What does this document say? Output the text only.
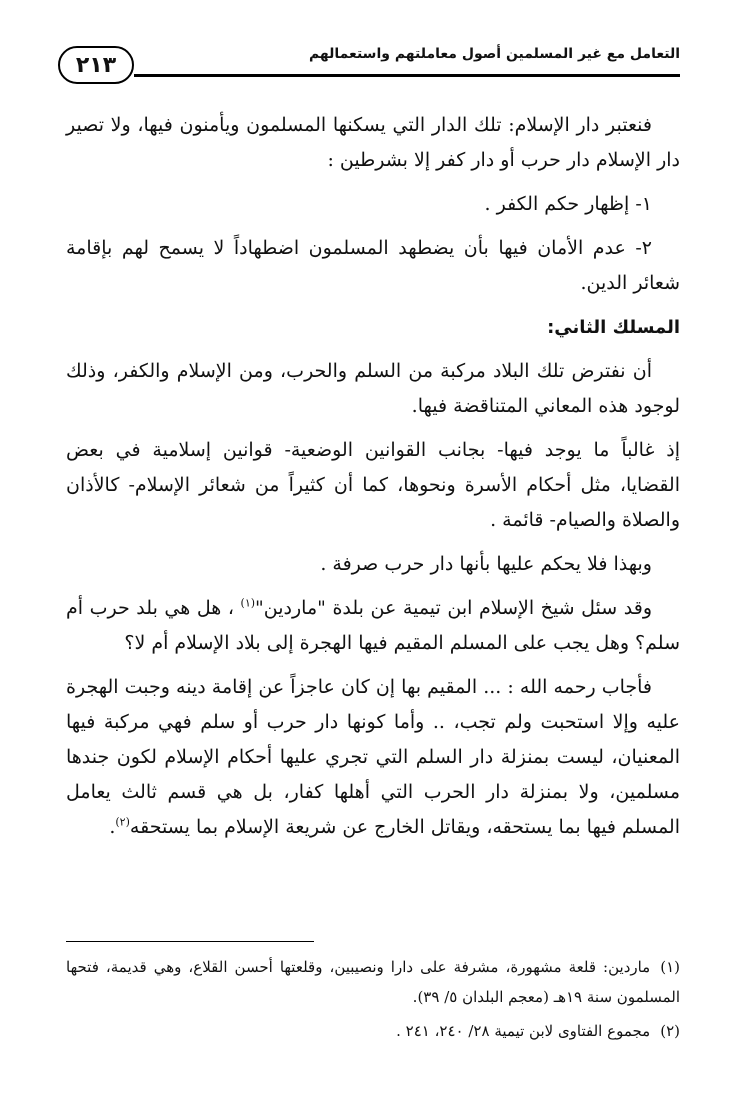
التعامل مع غير المسلمين أصول معاملتهم واستعمالهم
٢١٣

فنعتبر دار الإسلام: تلك الدار التي يسكنها المسلمون ويأمنون فيها، ولا تصير دار الإسلام دار حرب أو دار كفر إلا بشرطين :

١- إظهار حكم الكفر .

٢- عدم الأمان فيها بأن يضطهد المسلمون اضطهاداً لا يسمح لهم بإقامة شعائر الدين.

المسلك الثاني:

أن نفترض تلك البلاد مركبة من السلم والحرب، ومن الإسلام والكفر، وذلك لوجود هذه المعاني المتناقضة فيها.

إذ غالباً ما يوجد فيها- بجانب القوانين الوضعية- قوانين إسلامية في بعض القضايا، مثل أحكام الأسرة ونحوها، كما أن كثيراً من شعائر الإسلام- كالأذان والصلاة والصيام- قائمة .

وبهذا فلا يحكم عليها بأنها دار حرب صرفة .

وقد سئل شيخ الإسلام ابن تيمية عن بلدة "ماردين"$^{(١)}$ ، هل هي بلد حرب أم سلم؟ وهل يجب على المسلم المقيم فيها الهجرة إلى بلاد الإسلام أم لا؟

فأجاب رحمه الله : ... المقيم بها إن كان عاجزاً عن إقامة دينه وجبت الهجرة عليه وإلا استحبت ولم تجب، .. وأما كونها دار حرب أو سلم فهي مركبة فيها المعنيان، ليست بمنزلة دار السلم التي تجري عليها أحكام الإسلام لكون جندها مسلمين، ولا بمنزلة دار الحرب التي أهلها كفار، بل هي قسم ثالث يعامل المسلم فيها بما يستحقه، ويقاتل الخارج عن شريعة الإسلام بما يستحقه$^{(٢)}$.

(١)ماردين: قلعة مشهورة، مشرفة على دارا ونصيبين، وقلعتها أحسن القلاع، وهي قديمة، فتحها المسلمون سنة ١٩هـ (معجم البلدان ٥/ ٣٩).

(٢)مجموع الفتاوى لابن تيمية ٢٨/ ٢٤٠، ٢٤١ .
